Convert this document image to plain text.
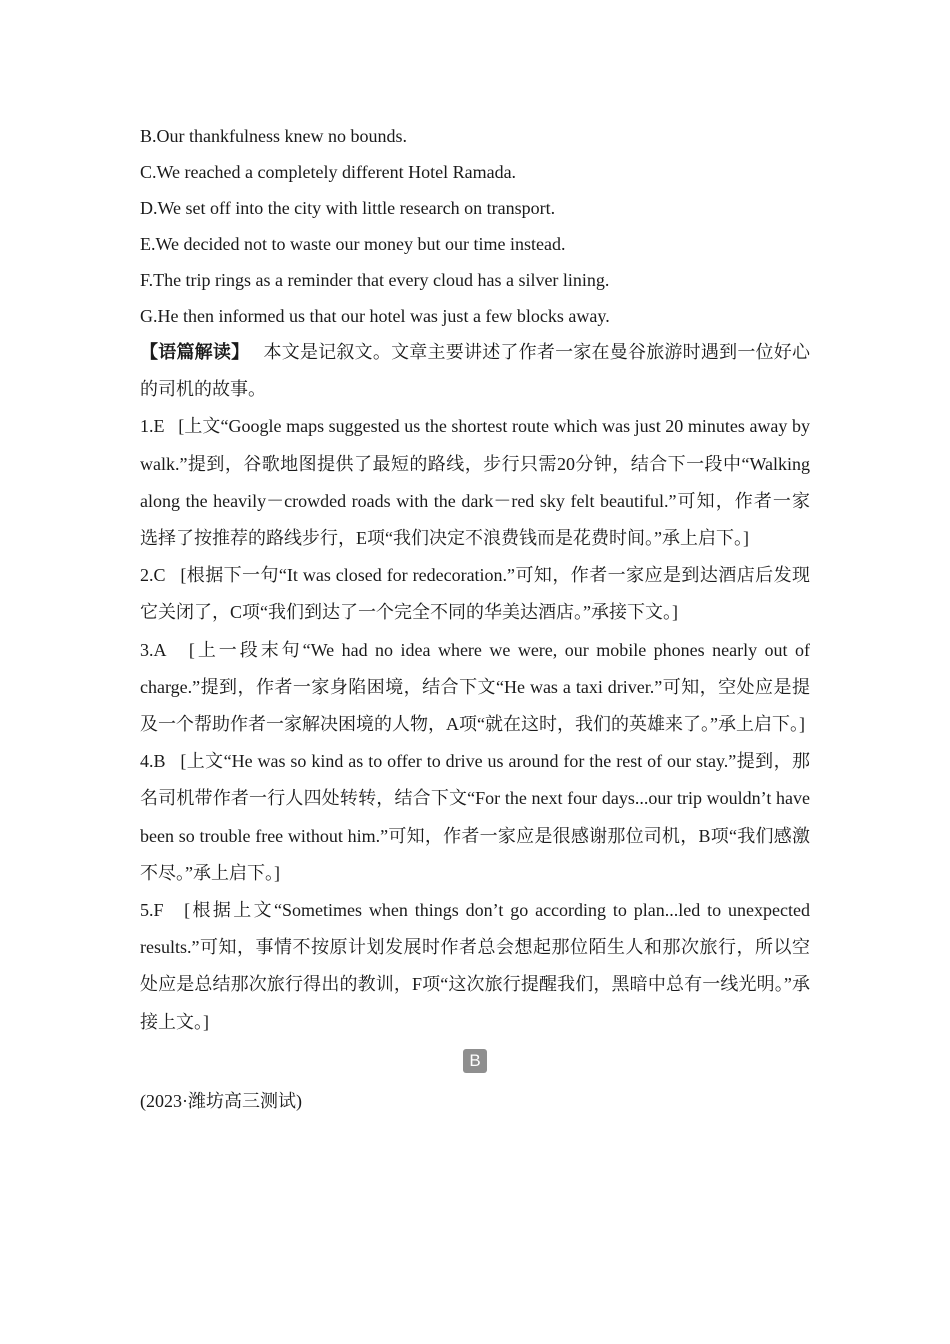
B.Our thankfulness knew no bounds.
C.We reached a completely different Hotel Ramada.
D.We set off into the city with little research on transport.
E.We decided not to waste our money but our time instead.
F.The trip rings as a reminder that every cloud has a silver lining.
G.He then informed us that our hotel was just a few blocks away.

【语篇解读】 本文是记叙文。文章主要讲述了作者一家在曼谷旅游时遇到一位好心的司机的故事。

1.E [上文“Google maps suggested us the shortest route which was just 20 minutes away by walk.”提到，谷歌地图提供了最短的路线，步行只需20分钟，结合下一段中“Walking along the heavily－crowded roads with the dark－red sky felt beautiful.”可知，作者一家选择了按推荐的路线步行，E项“我们决定不浪费钱而是花费时间。”承上启下。]

2.C [根据下一句“It was closed for redecoration.”可知，作者一家应是到达酒店后发现它关闭了，C项“我们到达了一个完全不同的华美达酒店。”承接下文。]

3.A [上一段末句“We had no idea where we were, our mobile phones nearly out of charge.”提到，作者一家身陷困境，结合下文“He was a taxi driver.”可知，空处应是提及一个帮助作者一家解决困境的人物，A项“就在这时，我们的英雄来了。”承上启下。]

4.B [上文“He was so kind as to offer to drive us around for the rest of our stay.”提到，那名司机带作者一行人四处转转，结合下文“For the next four days...our trip wouldn’t have been so trouble free without him.”可知，作者一家应是很感谢那位司机，B项“我们感激不尽。”承上启下。]

5.F [根据上文“Sometimes when things don’t go according to plan...led to unexpected results.”可知，事情不按原计划发展时作者总会想起那位陌生人和那次旅行，所以空处应是总结那次旅行得出的教训，F项“这次旅行提醒我们，黑暗中总有一线光明。”承接上文。]

B
(2023·潍坊高三测试)
